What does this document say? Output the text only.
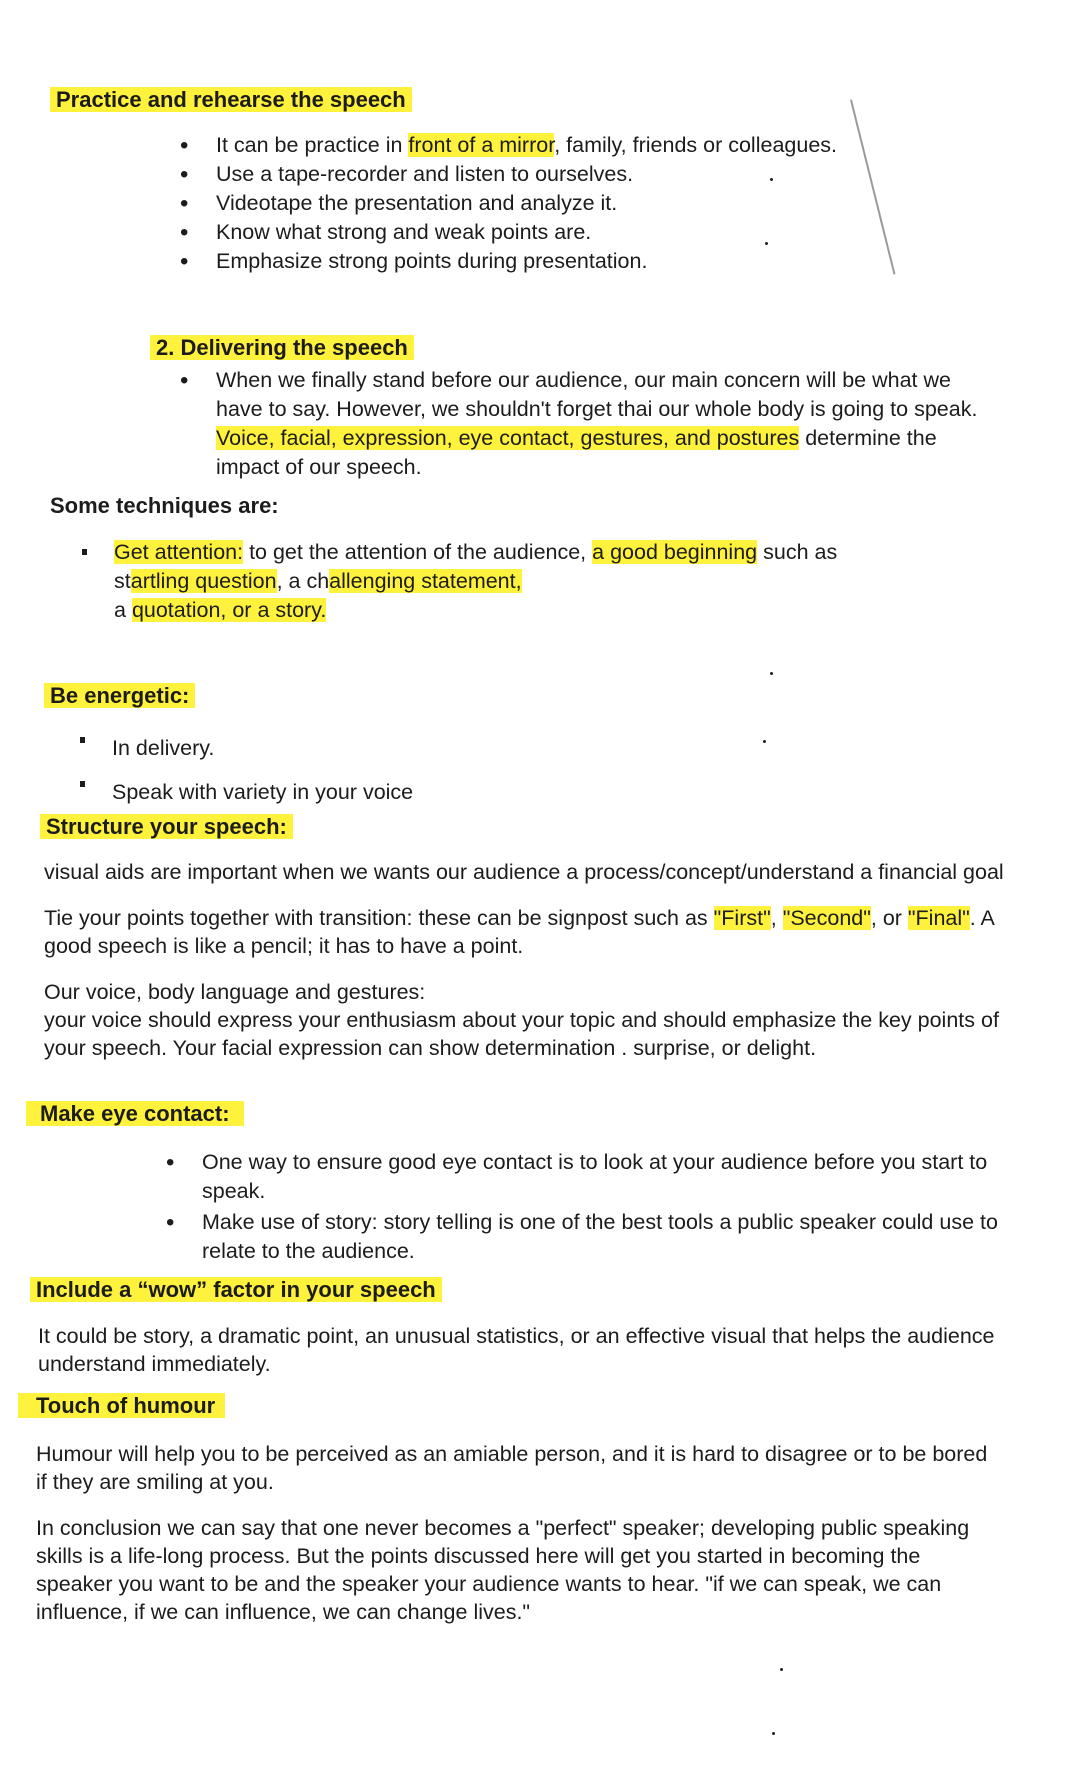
Practice and rehearse the speech
• It can be practice in front of a mirror, family, friends or colleagues.
• Use a tape-recorder and listen to ourselves.
• Videotape the presentation and analyze it.
• Know what strong and weak points are.
• Emphasize strong points during presentation.
2. Delivering the speech
• When we finally stand before our audience, our main concern will be what we have to say. However, we shouldn't forget thai our whole body is going to speak. Voice, facial, expression, eye contact, gestures, and postures determine the impact of our speech.
Some techniques are:
Get attention: to get the attention of the audience, a good beginning such as startling question, a challenging statement,
a quotation, or a story.
Be energetic:
In delivery.
Speak with variety in your voice
Structure your speech:

visual aids are important when we wants our audience a process/concept/understand a financial goal

Tie your points together with transition: these can be signpost such as "First", "Second", or "Final". A good speech is like a pencil; it has to have a point.

Our voice, body language and gestures:

your voice should express your enthusiasm about your topic and should emphasize the key points of your speech. Your facial expression can show determination . surprise, or delight.

Make eye contact:
• One way to ensure good eye contact is to look at your audience before you start to speak.
• Make use of story: story telling is one of the best tools a public speaker could use to relate to the audience.
Include a “wow” factor in your speech
It could be story, a dramatic point, an unusual statistics, or an effective visual that helps the audience understand immediately.
Touch of humour

Humour will help you to be perceived as an amiable person, and it is hard to disagree or to be bored if they are smiling at you.

In conclusion we can say that one never becomes a "perfect" speaker; developing public speaking skills is a life-long process. But the points discussed here will get you started in becoming the speaker you want to be and the speaker your audience wants to hear. "if we can speak, we can influence, if we can influence, we can change lives."
